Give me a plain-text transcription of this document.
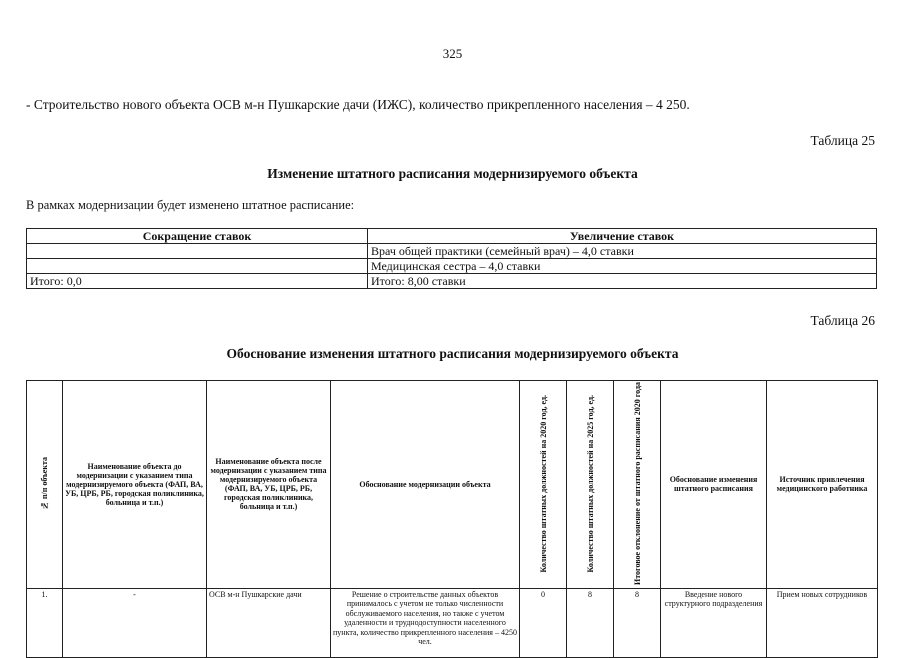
325
- Строительство нового объекта ОСВ м-н Пушкарские дачи (ИЖС), количество прикрепленного населения – 4 250.
Таблица 25
Изменение штатного расписания модернизируемого объекта
В рамках модернизации будет изменено штатное расписание:
Сокращение ставок	Увеличение ставок
	Врач общей практики (семейный врач) – 4,0 ставки
	Медицинская сестра – 4,0 ставки
Итого: 0,0	Итого: 8,00 ставки
Таблица 26
Обоснование изменения штатного расписания модернизируемого объекта
№ п/п объекта	Наименование объекта до модернизации с указанием типа модернизируемого объекта (ФАП, ВА, УБ, ЦРБ, РБ, городская поликлиника, больница и т.п.)	Наименование объекта после модернизации с указанием типа модернизируемого объекта (ФАП, ВА, УБ, ЦРБ, РБ, городская поликлиника, больница и т.п.)	Обоснование модернизации объекта	Количество штатных должностей на 2020 год, ед.	Количество штатных должностей на 2025 год, ед.	Итоговое отклонение от штатного расписания 2020 года	Обоснование изменения штатного расписания	Источник привлечения медицинского работника
1.	-	ОСВ м-н Пушкарские дачи	Решение о строительстве данных объектов принималось с учетом не только численности обслуживаемого населения, но также с учетом удаленности и труднодоступности населенного пункта, количество прикрепленного населения – 4250 чел.	0	8	8	Введение нового структурного подразделения	Прием новых сотрудников
